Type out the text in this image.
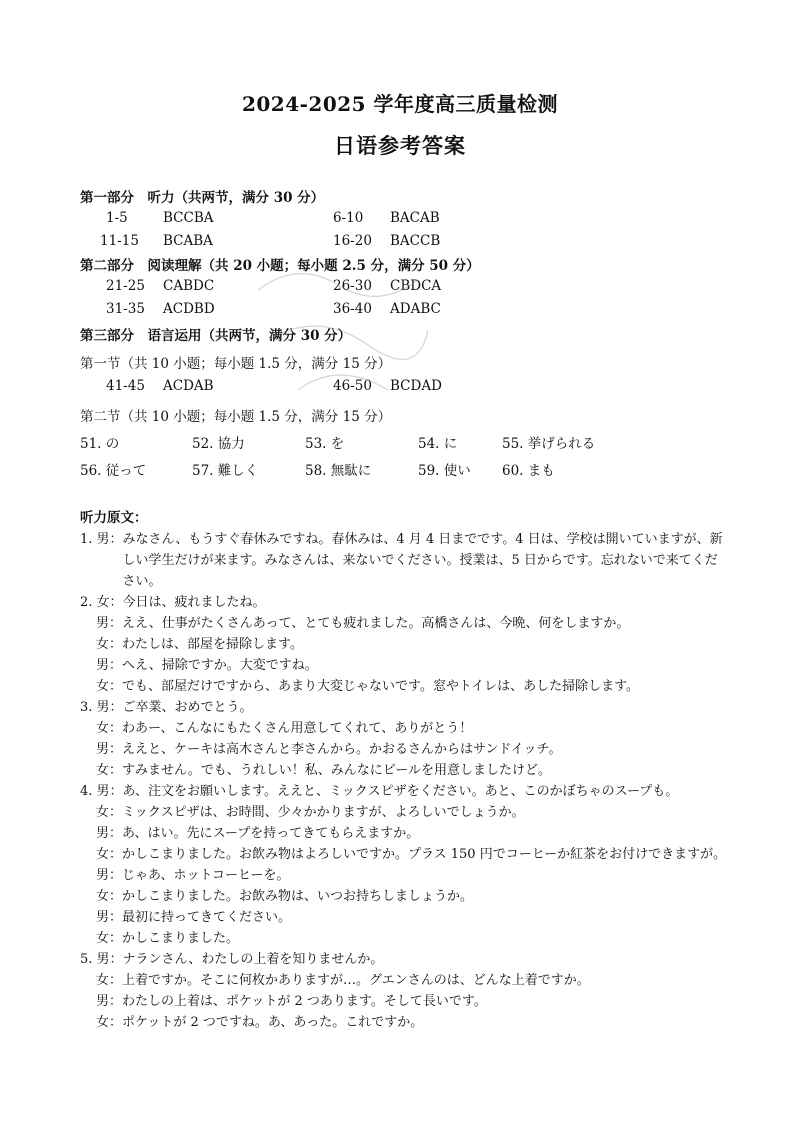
2024-2025 学年度高三质量检测
日语参考答案
第一部分　听力（共两节，满分 30 分）
1-5	BCCBA	6-10 BACAB
11-15 BCABA	16-20 BACCB
第二部分　阅读理解（共 20 小题；每小题 2.5 分，满分 50 分）
21-25 CABDC	26-30 CBDCA
31-35 ACDBD	36-40 ADABC
第三部分　语言运用（共两节，满分 30 分）
第一节（共 10 小题；每小题 1.5 分，满分 15 分）
41-45 ACDAB	46-50 BCDAD
第二节（共 10 小题；每小题 1.5 分，满分 15 分）
51. の	52. 協力	53. を	54. に	55. 挙げられる
56. 従って	57. 難しく	58. 無駄に	59. 使い 60. まも
听力原文：
1. 男： みなさん、もうすぐ春休みですね。春休みは、4 月 4 日までです。4 日は、学校は開いていますが、新しい学生だけが来ます。みなさんは、来ないでください。授業は、5 日からです。忘れないで来てください。
2. 女： 今日は、疲れましたね。
男： ええ、仕事がたくさんあって、とても疲れました。高橋さんは、今晩、何をしますか。
女： わたしは、部屋を掃除します。
男： へえ、掃除ですか。大変ですね。
女： でも、部屋だけですから、あまり大変じゃないです。窓やトイレは、あした掃除します。
3. 男： ご卒業、おめでとう。
女： わあー、こんなにもたくさん用意してくれて、ありがとう！
男： ええと、ケーキは高木さんと李さんから。かおるさんからはサンドイッチ。
女： すみません。でも、うれしい！私、みんなにビールを用意しましたけど。
4. 男： あ、注文をお願いします。ええと、ミックスピザをください。あと、このかぼちゃのスープも。
女： ミックスピザは、お時間、少々かかりますが、よろしいでしょうか。
男： あ、はい。先にスープを持ってきてもらえますか。
女： かしこまりました。お飲み物はよろしいですか。プラス 150 円でコーヒーか紅茶をお付けできますが。
男： じゃあ、ホットコーヒーを。
女： かしこまりました。お飲み物は、いつお持ちしましょうか。
男： 最初に持ってきてください。
女： かしこまりました。
5. 男： ナランさん、わたしの上着を知りませんか。
女： 上着ですか。そこに何枚かありますが…。グエンさんのは、どんな上着ですか。
男： わたしの上着は、ポケットが 2 つあります。そして長いです。
女： ポケットが 2 つですね。あ、あった。これですか。
